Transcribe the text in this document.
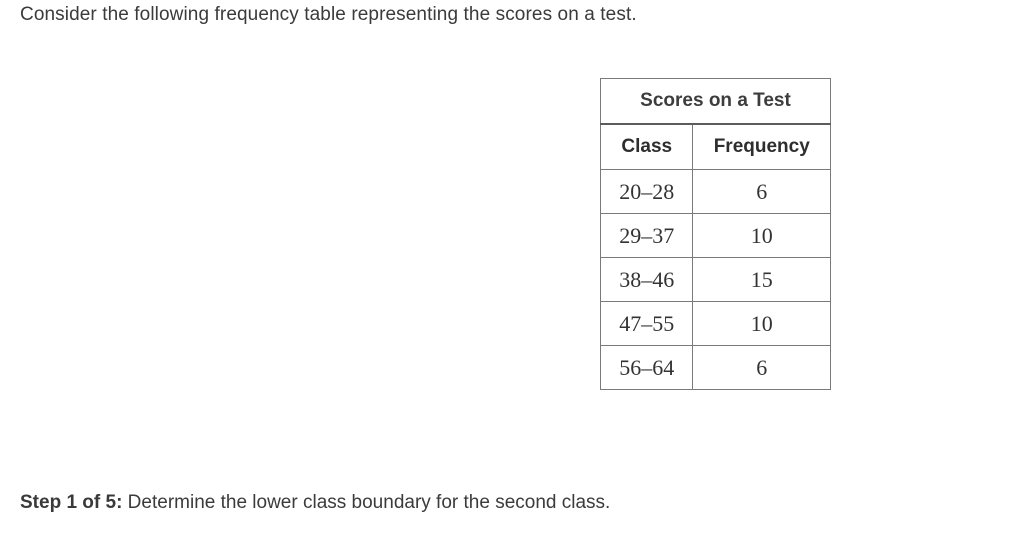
Consider the following frequency table representing the scores on a test.
Scores on a Test	
Class	Frequency
20–28	6
29–37	10
38–46	15
47–55	10
56–64	6
Step 1 of 5: Determine the lower class boundary for the second class.
